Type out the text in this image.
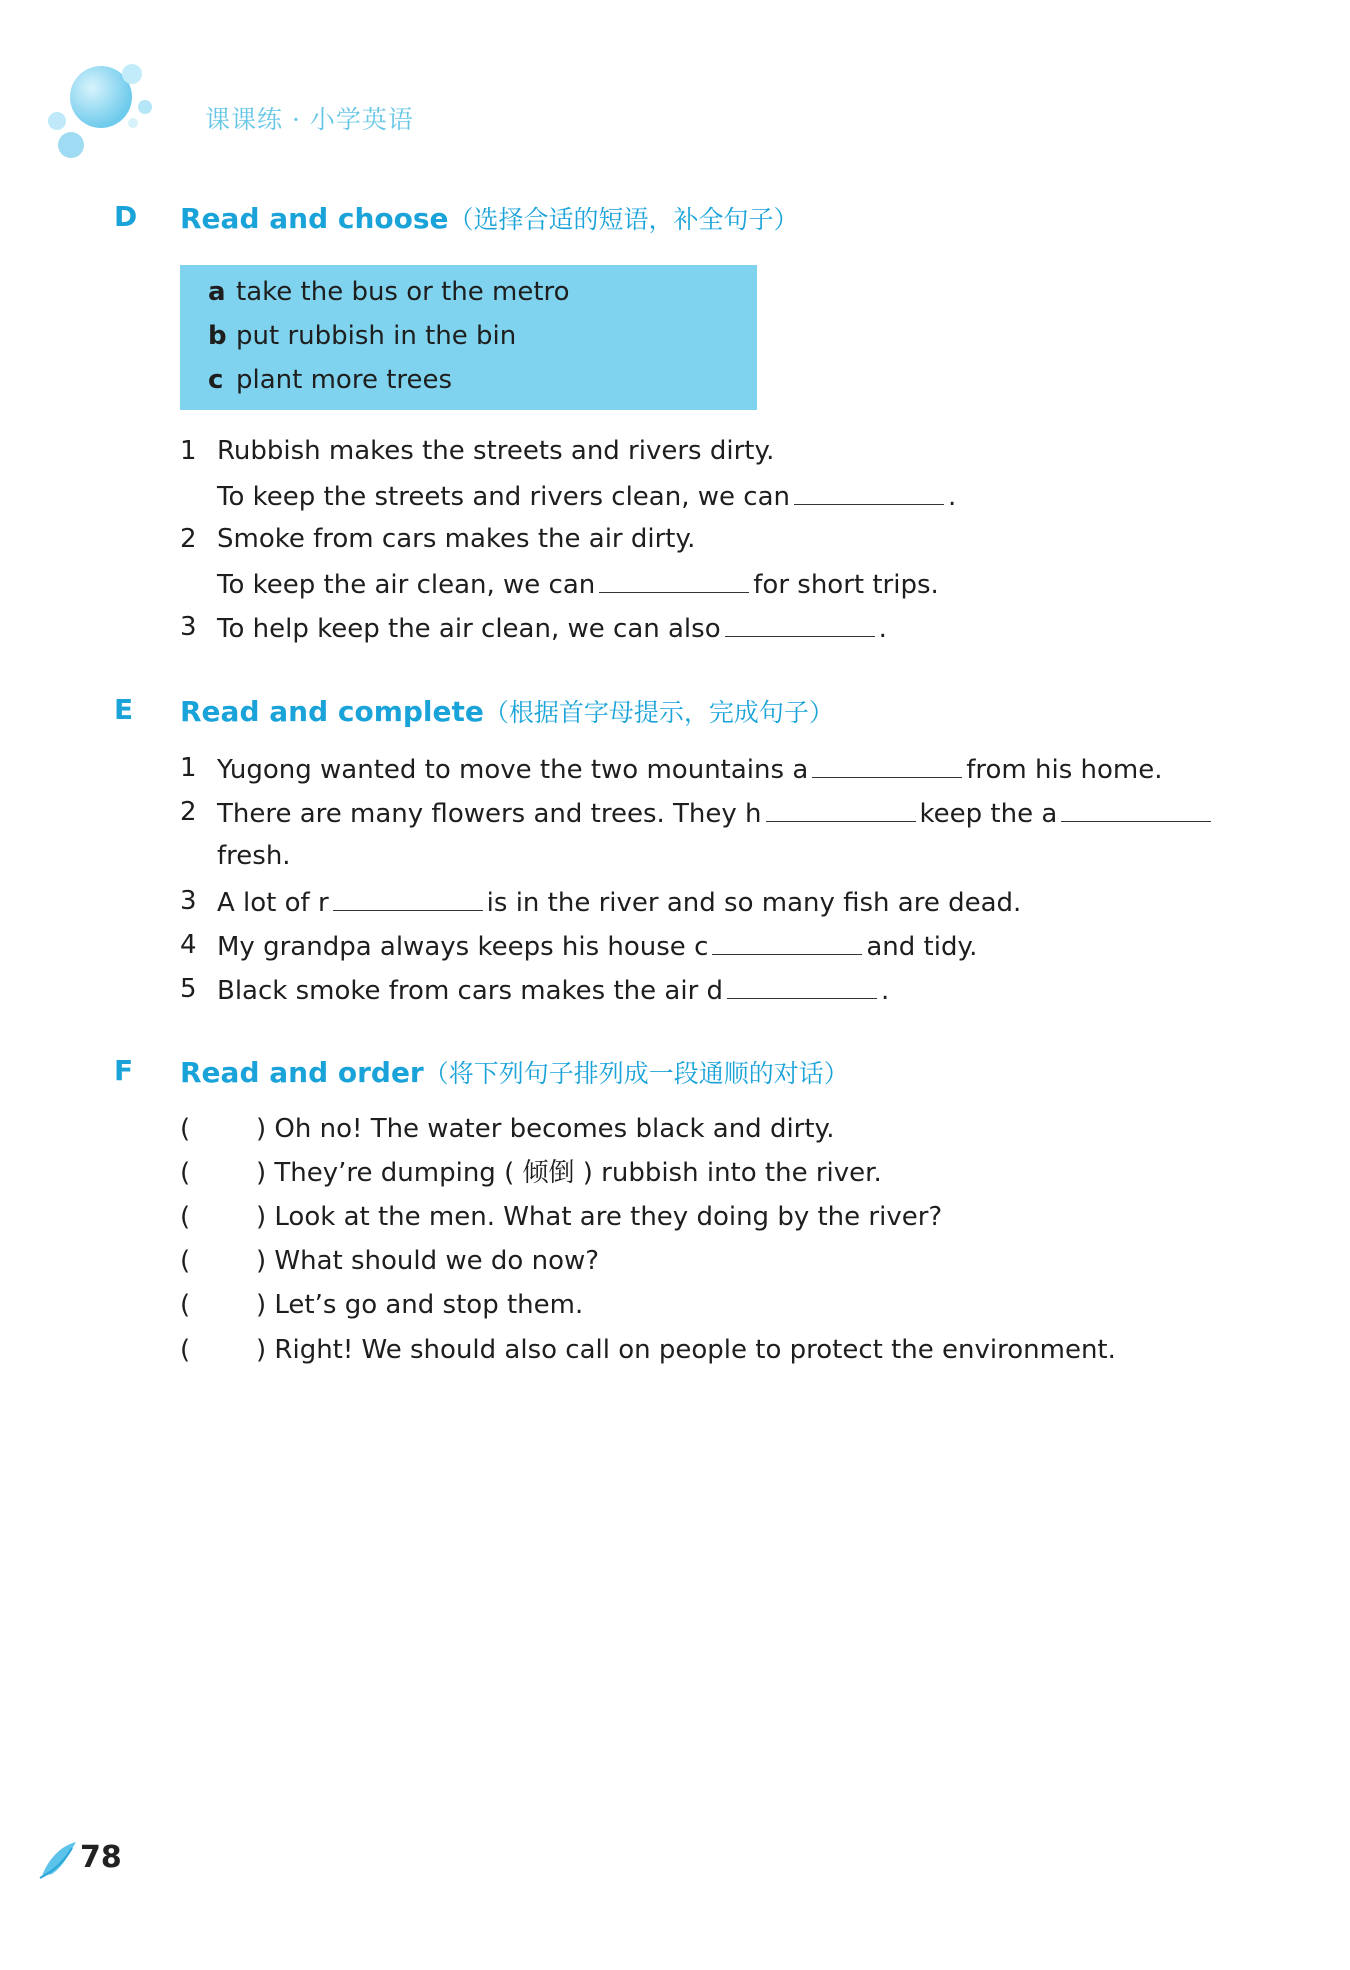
课课练 · 小学英语
D Read and choose（选择合适的短语，补全句子）
a take the bus or the metro
b put rubbish in the bin
c plant more trees
1 Rubbish makes the streets and rivers dirty.
To keep the streets and rivers clean, we can	.
2 Smoke from cars makes the air dirty.
To keep the air clean, we can	for short trips.
3 To help keep the air clean, we can also	.
E Read and complete（根据首字母提示，完成句子）
1 Yugong wanted to move the two mountains a	from his home.
2 There are many flowers and trees. They h	keep the a
fresh.
3 A lot of r	is in the river and so many fish are dead.
4 My grandpa always keeps his house c	and tidy.
5 Black smoke from cars makes the air d	.
F Read and order（将下列句子排列成一段通顺的对话）
(	) Oh no! The water becomes black and dirty.
(	) They’re dumping ( 倾倒 ) rubbish into the river.
(	) Look at the men. What are they doing by the river?
(	) What should we do now?
(	) Let’s go and stop them.
(	) Right! We should also call on people to protect the environment.
78
